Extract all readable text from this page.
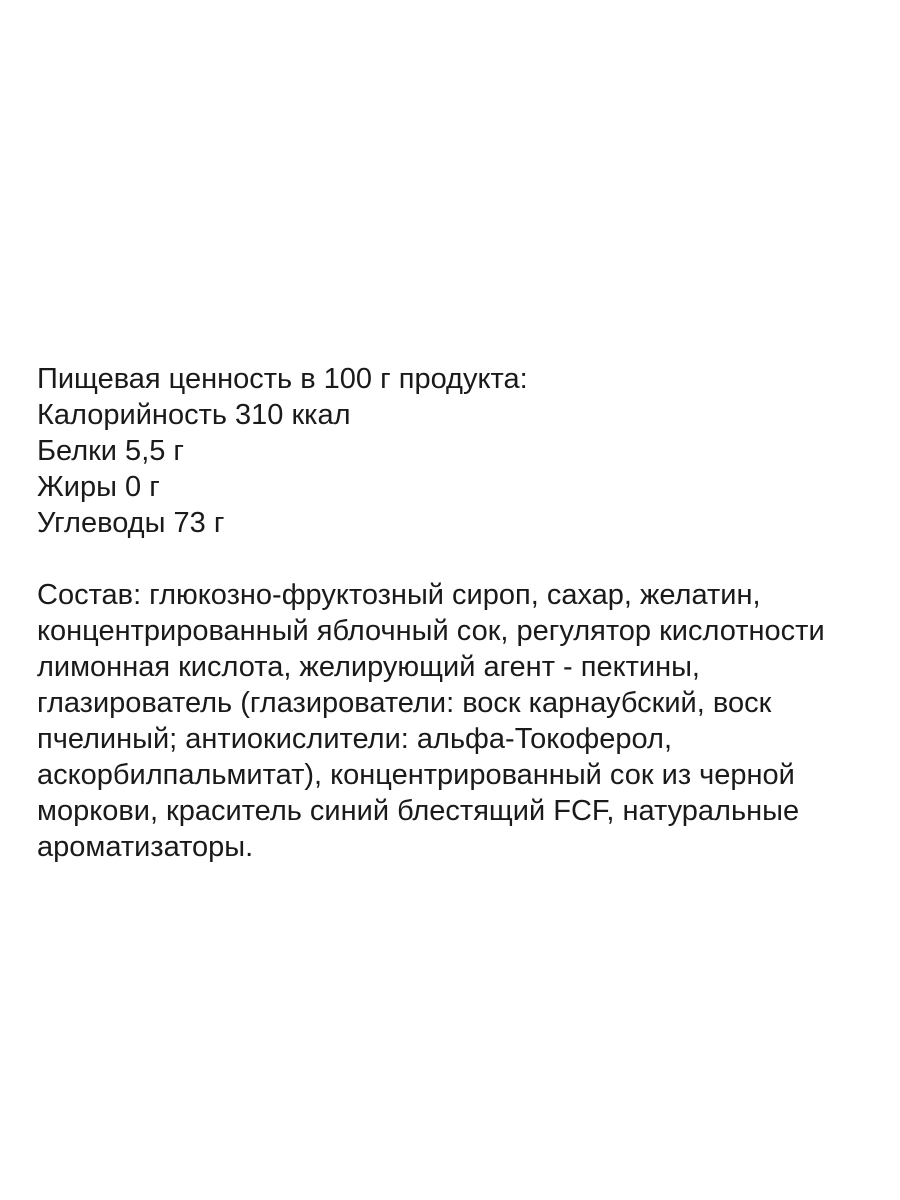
Пищевая ценность в 100 г продукта:
Калорийность 310 ккал
Белки 5,5 г
Жиры 0 г
Углеводы 73 г

Состав: глюкозно-фруктозный сироп, сахар, желатин,
концентрированный яблочный сок, регулятор кислотности
лимонная кислота, желирующий агент - пектины,
глазирователь (глазирователи: воск карнаубский, воск
пчелиный; антиокислители: альфа-Токоферол,
аскорбилпальмитат), концентрированный сок из черной
моркови, краситель синий блестящий FCF, натуральные
ароматизаторы.
